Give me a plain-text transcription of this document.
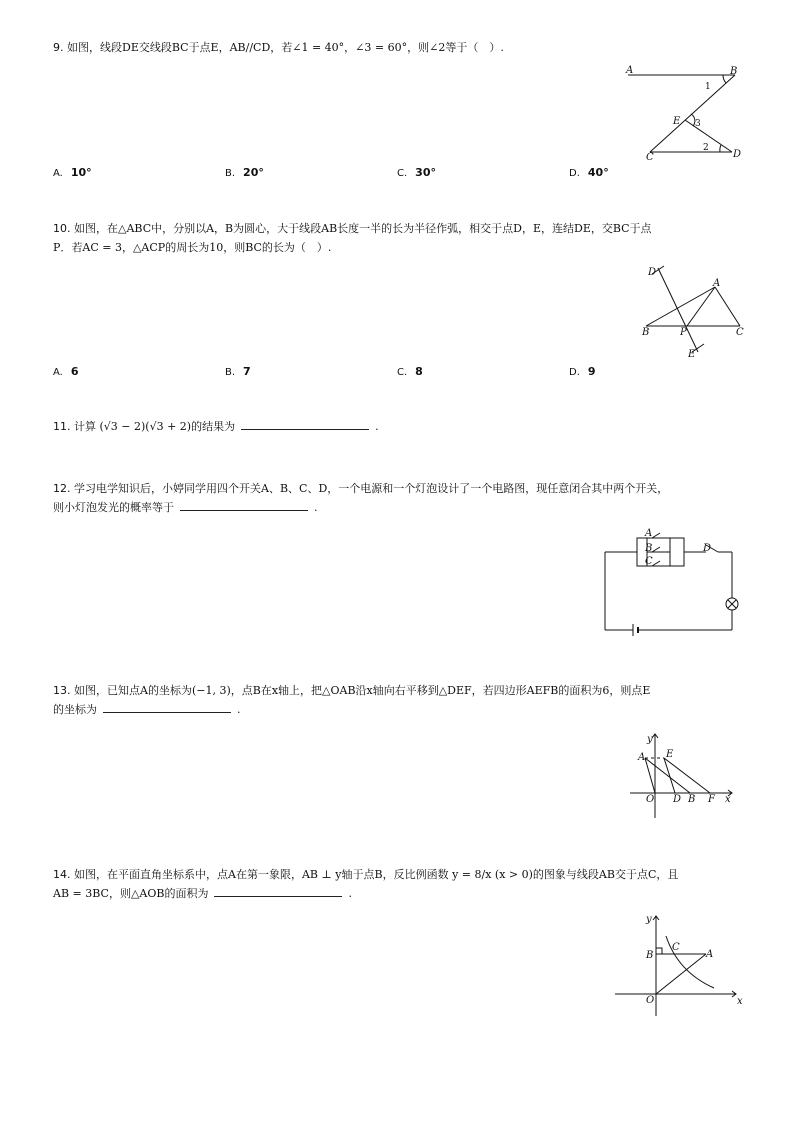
9. 如图，线段DE交线段BC于点E，AB//CD，若∠1 = 40°，∠3 = 60°，则∠2等于（　）.
A	B
C	D
E
1
3
2
A. 10°	B. 20°	C. 30°	D. 40°
10. 如图，在△ABC中，分别以A，B为圆心，大于线段AB长度一半的长为半径作弧，相交于点D，E，连结DE，交BC于点
P．若AC = 3，△ACP的周长为10，则BC的长为（　）.
D
A
B	P	C
E
A. 6	B. 7	C. 8	D. 9
11. 计算 (√3 − 2)(√3 + 2)的结果为	.
12. 学习电学知识后，小婷同学用四个开关A、B、C、D，一个电源和一个灯泡设计了一个电路图，现任意闭合其中两个开关，
则小灯泡发光的概率等于	.
A
B
C
D
13. 如图，已知点A的坐标为(−1, 3)，点B在x轴上，把△OAB沿x轴向右平移到△DEF，若四边形AEFB的面积为6，则点E
的坐标为	.
A E
y
x
O D B F
14. 如图，在平面直角坐标系中，点A在第一象限，AB ⊥ y轴于点B，反比例函数 y = 8/x (x > 0)的图象与线段AB交于点C，且
AB = 3BC，则△AOB的面积为	.
y
x
B
C
A
O
